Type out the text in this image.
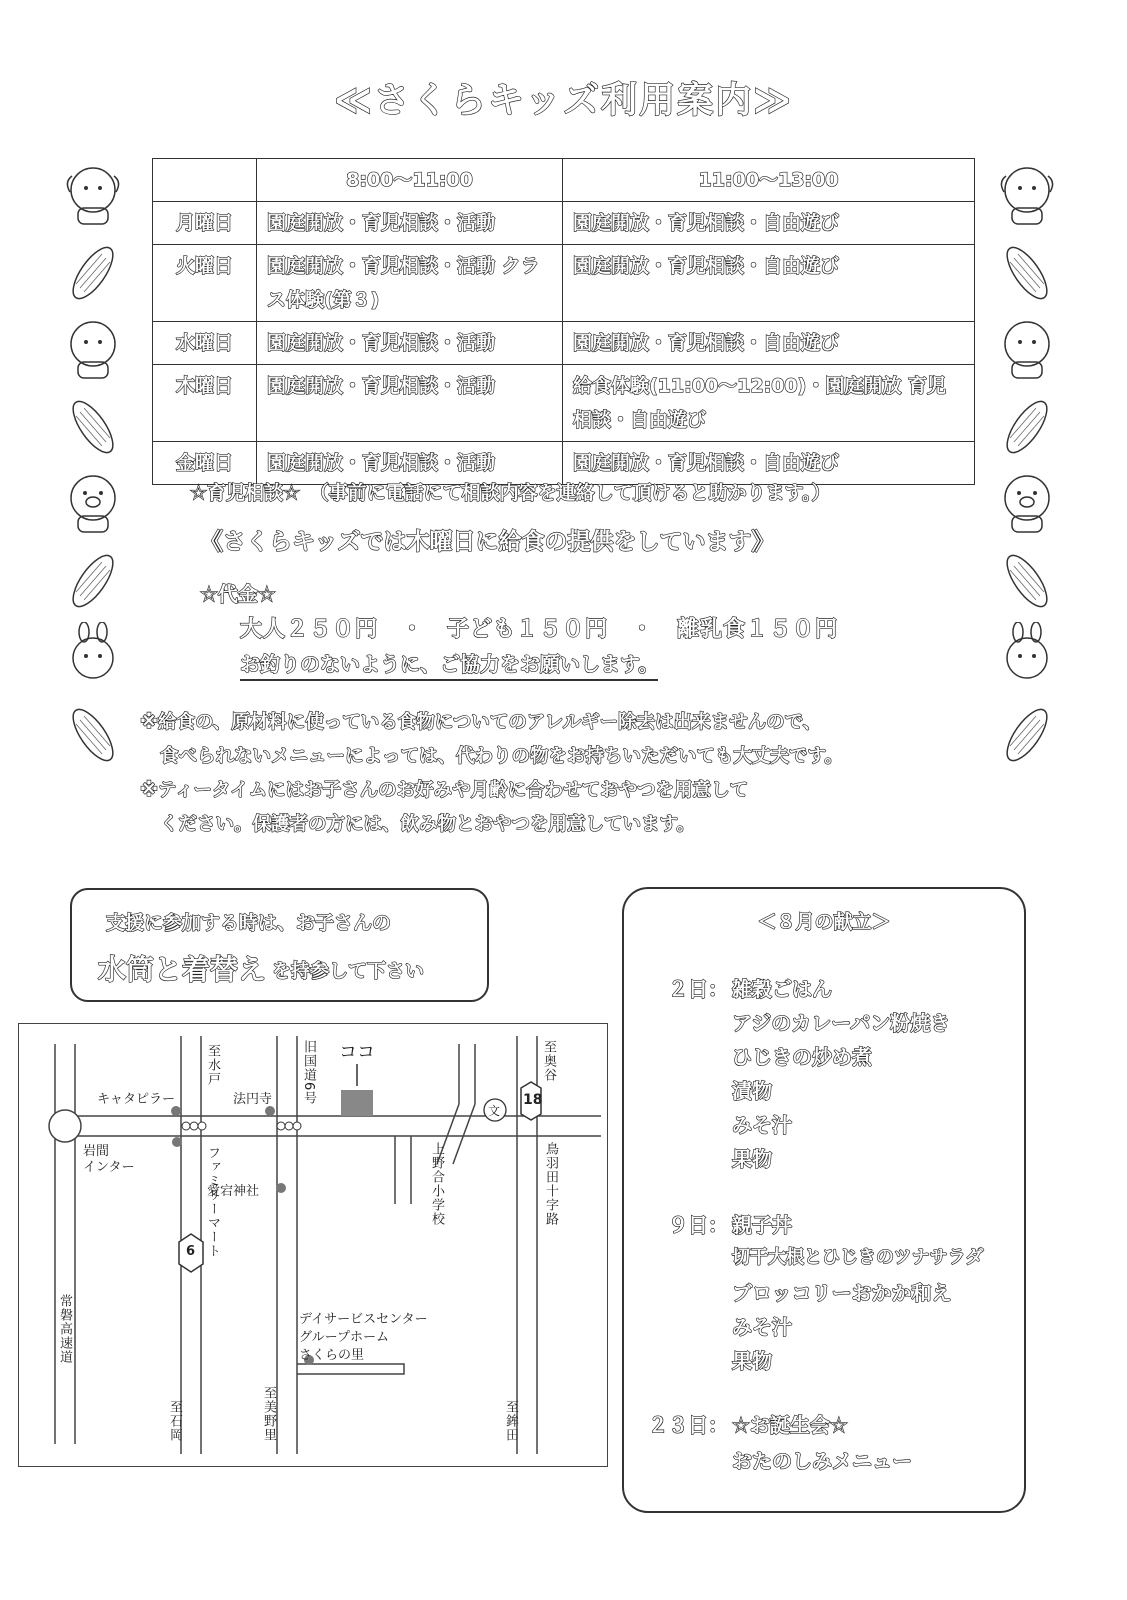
≪さくらキッズ利用案内≫
	8:00～11:00	11:00～13:00
月曜日	園庭開放・育児相談・活動	園庭開放・育児相談・自由遊び
火曜日	園庭開放・育児相談・活動 クラス体験(第３)	園庭開放・育児相談・自由遊び
水曜日	園庭開放・育児相談・活動	園庭開放・育児相談・自由遊び
木曜日	園庭開放・育児相談・活動	給食体験(11:00～12:00)・園庭開放 育児相談・自由遊び
金曜日	園庭開放・育児相談・活動	園庭開放・育児相談・自由遊び
☆育児相談☆　（事前に電話にて相談内容を連絡して頂けると助かります。）
《さくらキッズでは木曜日に給食の提供をしています》
☆代金☆
大人２５０円　・　子ども１５０円　・　離乳食１５０円
お釣りのないように、ご協力をお願いします。
※給食の、原材料に使っている食物についてのアレルギー除去は出来ませんので、
食べられないメニューによっては、代わりの物をお持ちいただいても大丈夫です。
※ティータイムにはお子さんのお好みや月齢に合わせておやつを用意して
ください。保護者の方には、飲み物とおやつを用意しています。
支援に参加する時は、お子さんの
水筒と着替え を持参して下さい
ココ
キャタピラー	法円寺
岩間
インター	ファミリーマート
愛宕神社
至水戸	旧国道6号	至奥谷
18
6
文
上野合小学校	鳥羽田十字路
常磐高速道	デイサービスセンター
グループホーム
さくらの里
至石岡	至美野里	至鉾田
＜８月の献立＞
２日： 雑穀ごはん
アジのカレーパン粉焼き
ひじきの炒め煮
漬物
みそ汁
果物
９日： 親子丼
切干大根とひじきのツナサラダ
ブロッコリーおかか和え
みそ汁
果物
２３日： ☆お誕生会☆
おたのしみメニュー
